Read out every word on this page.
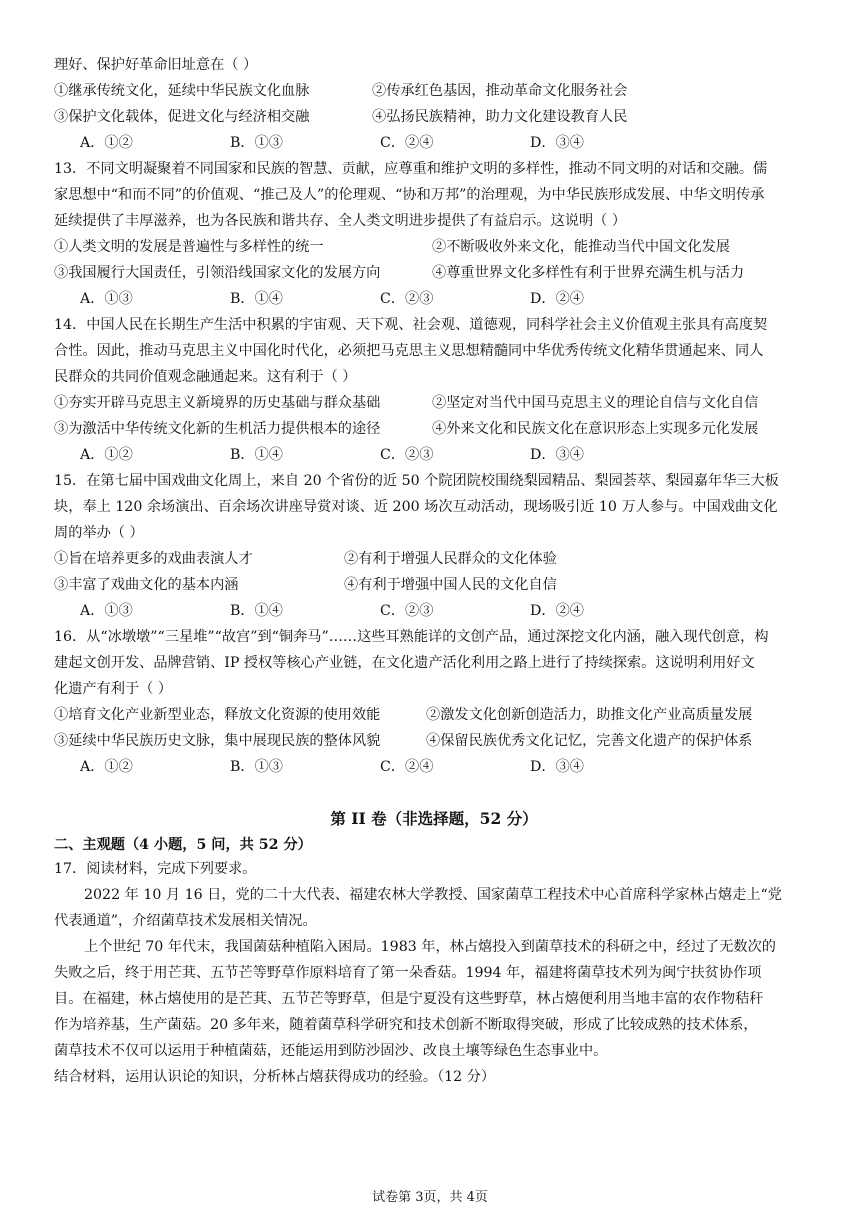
理好、保护好革命旧址意在（ ）
①继承传统文化，延续中华民族文化血脉	②传承红色基因，推动革命文化服务社会
③保护文化载体，促进文化与经济相交融	④弘扬民族精神，助力文化建设教育人民
A．①②	B．①③	C．②④	D．③④
13．不同文明凝聚着不同国家和民族的智慧、贡献，应尊重和维护文明的多样性，推动不同文明的对话和交融。儒
家思想中“和而不同”的价值观、“推己及人”的伦理观、“协和万邦”的治理观，为中华民族形成发展、中华文明传承
延续提供了丰厚滋养，也为各民族和谐共存、全人类文明进步提供了有益启示。这说明（ ）
①人类文明的发展是普遍性与多样性的统一	②不断吸收外来文化，能推动当代中国文化发展
③我国履行大国责任，引领沿线国家文化的发展方向	④尊重世界文化多样性有利于世界充满生机与活力
A．①③	B．①④	C．②③	D．②④
14．中国人民在长期生产生活中积累的宇宙观、天下观、社会观、道德观，同科学社会主义价值观主张具有高度契
合性。因此，推动马克思主义中国化时代化，必须把马克思主义思想精髓同中华优秀传统文化精华贯通起来、同人
民群众的共同价值观念融通起来。这有利于（ ）
①夯实开辟马克思主义新境界的历史基础与群众基础	②坚定对当代中国马克思主义的理论自信与文化自信
③为激活中华传统文化新的生机活力提供根本的途径	④外来文化和民族文化在意识形态上实现多元化发展
A．①②	B．①④	C．②③	D．③④
15．在第七届中国戏曲文化周上，来自 20 个省份的近 50 个院团院校围绕梨园精品、梨园荟萃、梨园嘉年华三大板
块，奉上 120 余场演出、百余场次讲座导赏对谈、近 200 场次互动活动，现场吸引近 10 万人参与。中国戏曲文化
周的举办（ ）
①旨在培养更多的戏曲表演人才	②有利于增强人民群众的文化体验
③丰富了戏曲文化的基本内涵	④有利于增强中国人民的文化自信
A．①③	B．①④	C．②③	D．②④
16．从“冰墩墩”“三星堆”“故宫”到“铜奔马”……这些耳熟能详的文创产品，通过深挖文化内涵，融入现代创意，构
建起文创开发、品牌营销、IP 授权等核心产业链，在文化遗产活化利用之路上进行了持续探索。这说明利用好文
化遗产有利于（ ）
①培育文化产业新型业态，释放文化资源的使用效能	②激发文化创新创造活力，助推文化产业高质量发展
③延续中华民族历史文脉，集中展现民族的整体风貌	④保留民族优秀文化记忆，完善文化遗产的保护体系
A．①②	B．①③	C．②④	D．③④
第 II 卷（非选择题，52 分）
二、主观题（4 小题，5 问，共 52 分）
17．阅读材料，完成下列要求。
2022 年 10 月 16 日，党的二十大代表、福建农林大学教授、国家菌草工程技术中心首席科学家林占熺走上“党
代表通道”，介绍菌草技术发展相关情况。
上个世纪 70 年代末，我国菌菇种植陷入困局。1983 年，林占熺投入到菌草技术的科研之中，经过了无数次的
失败之后，终于用芒萁、五节芒等野草作原料培育了第一朵香菇。1994 年，福建将菌草技术列为闽宁扶贫协作项
目。在福建，林占熺使用的是芒萁、五节芒等野草，但是宁夏没有这些野草，林占熺便利用当地丰富的农作物秸秆
作为培养基，生产菌菇。20 多年来，随着菌草科学研究和技术创新不断取得突破，形成了比较成熟的技术体系，
菌草技术不仅可以运用于种植菌菇，还能运用到防沙固沙、改良土壤等绿色生态事业中。
结合材料，运用认识论的知识，分析林占熺获得成功的经验。（12 分）
试卷第 3页，共 4页
